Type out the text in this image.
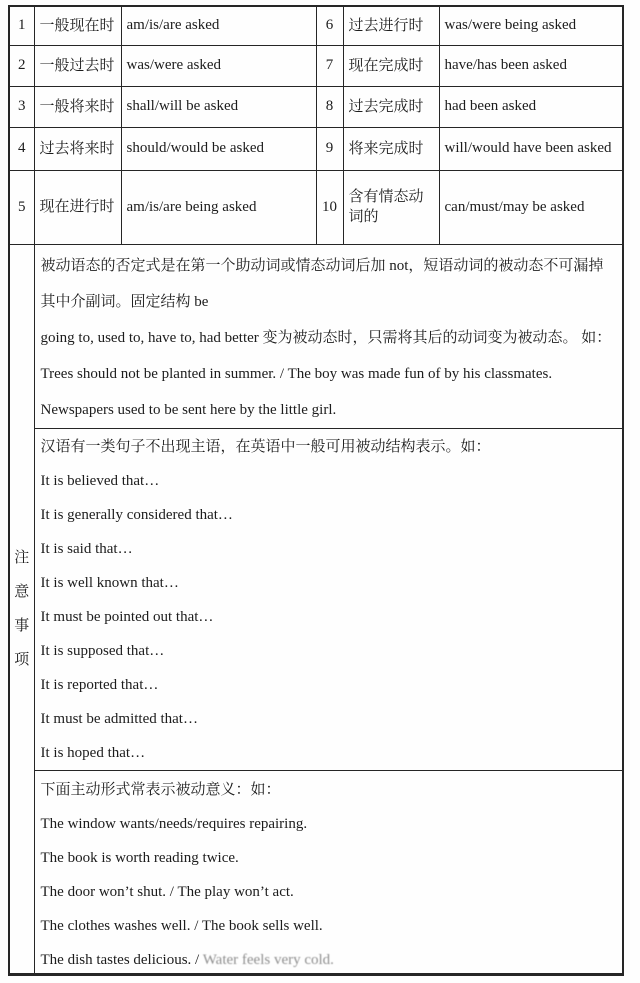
1	一般现在时	am/is/are asked	6	过去进行时	was/were being asked
2	一般过去时	was/were asked	7	现在完成时	have/has been asked
3	一般将来时	shall/will be asked	8	过去完成时	had been asked
4	过去将来时	should/would be asked	9	将来完成时	will/would have been asked
5	现在进行时	am/is/are being asked	10	含有情态动词的	can/must/may be asked

注
意
事
项

被动语态的否定式是在第一个助动词或情态动词后加 not，短语动词的被动态不可漏掉
其中介副词。固定结构 be
going to, used to, have to, had better 变为被动态时，只需将其后的动词变为被动态。 如：
Trees should not be planted in summer. / The boy was made fun of by his classmates.
Newspapers used to be sent here by the little girl.
汉语有一类句子不出现主语，在英语中一般可用被动结构表示。如：
It is believed that…
It is generally considered that…
It is said that…
It is well known that…
It must be pointed out that…
It is supposed that…
It is reported that…
It must be admitted that…
It is hoped that…
下面主动形式常表示被动意义：如：
The window wants/needs/requires repairing.
The book is worth reading twice.
The door won’t shut. / The play won’t act.
The clothes washes well. / The book sells well.
The dish tastes delicious. / Water feels very cold.
